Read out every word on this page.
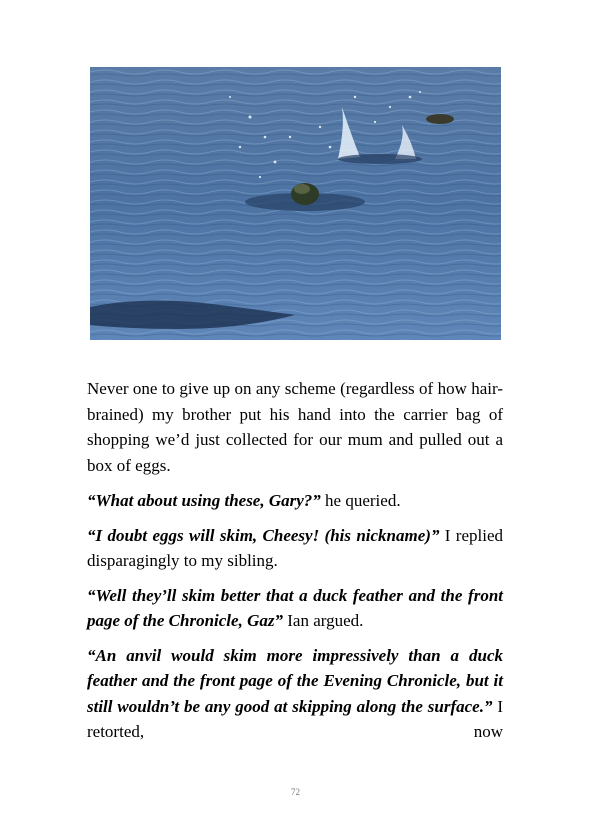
Never one to give up on any scheme (regardless of how hair-brained) my brother put his hand into the carrier bag of shopping we’d just collected for our mum and pulled out a box of eggs.

“What about using these, Gary?” he queried.

“I doubt eggs will skim, Cheesy! (his nickname)” I replied disparagingly to my sibling.

“Well they’ll skim better that a duck feather and the front page of the Chronicle, Gaz” Ian argued.

“An anvil would skim more impressively than a duck feather and the front page of the Evening Chronicle, but it still wouldn’t be any good at skipping along the surface.” I retorted, now

72
